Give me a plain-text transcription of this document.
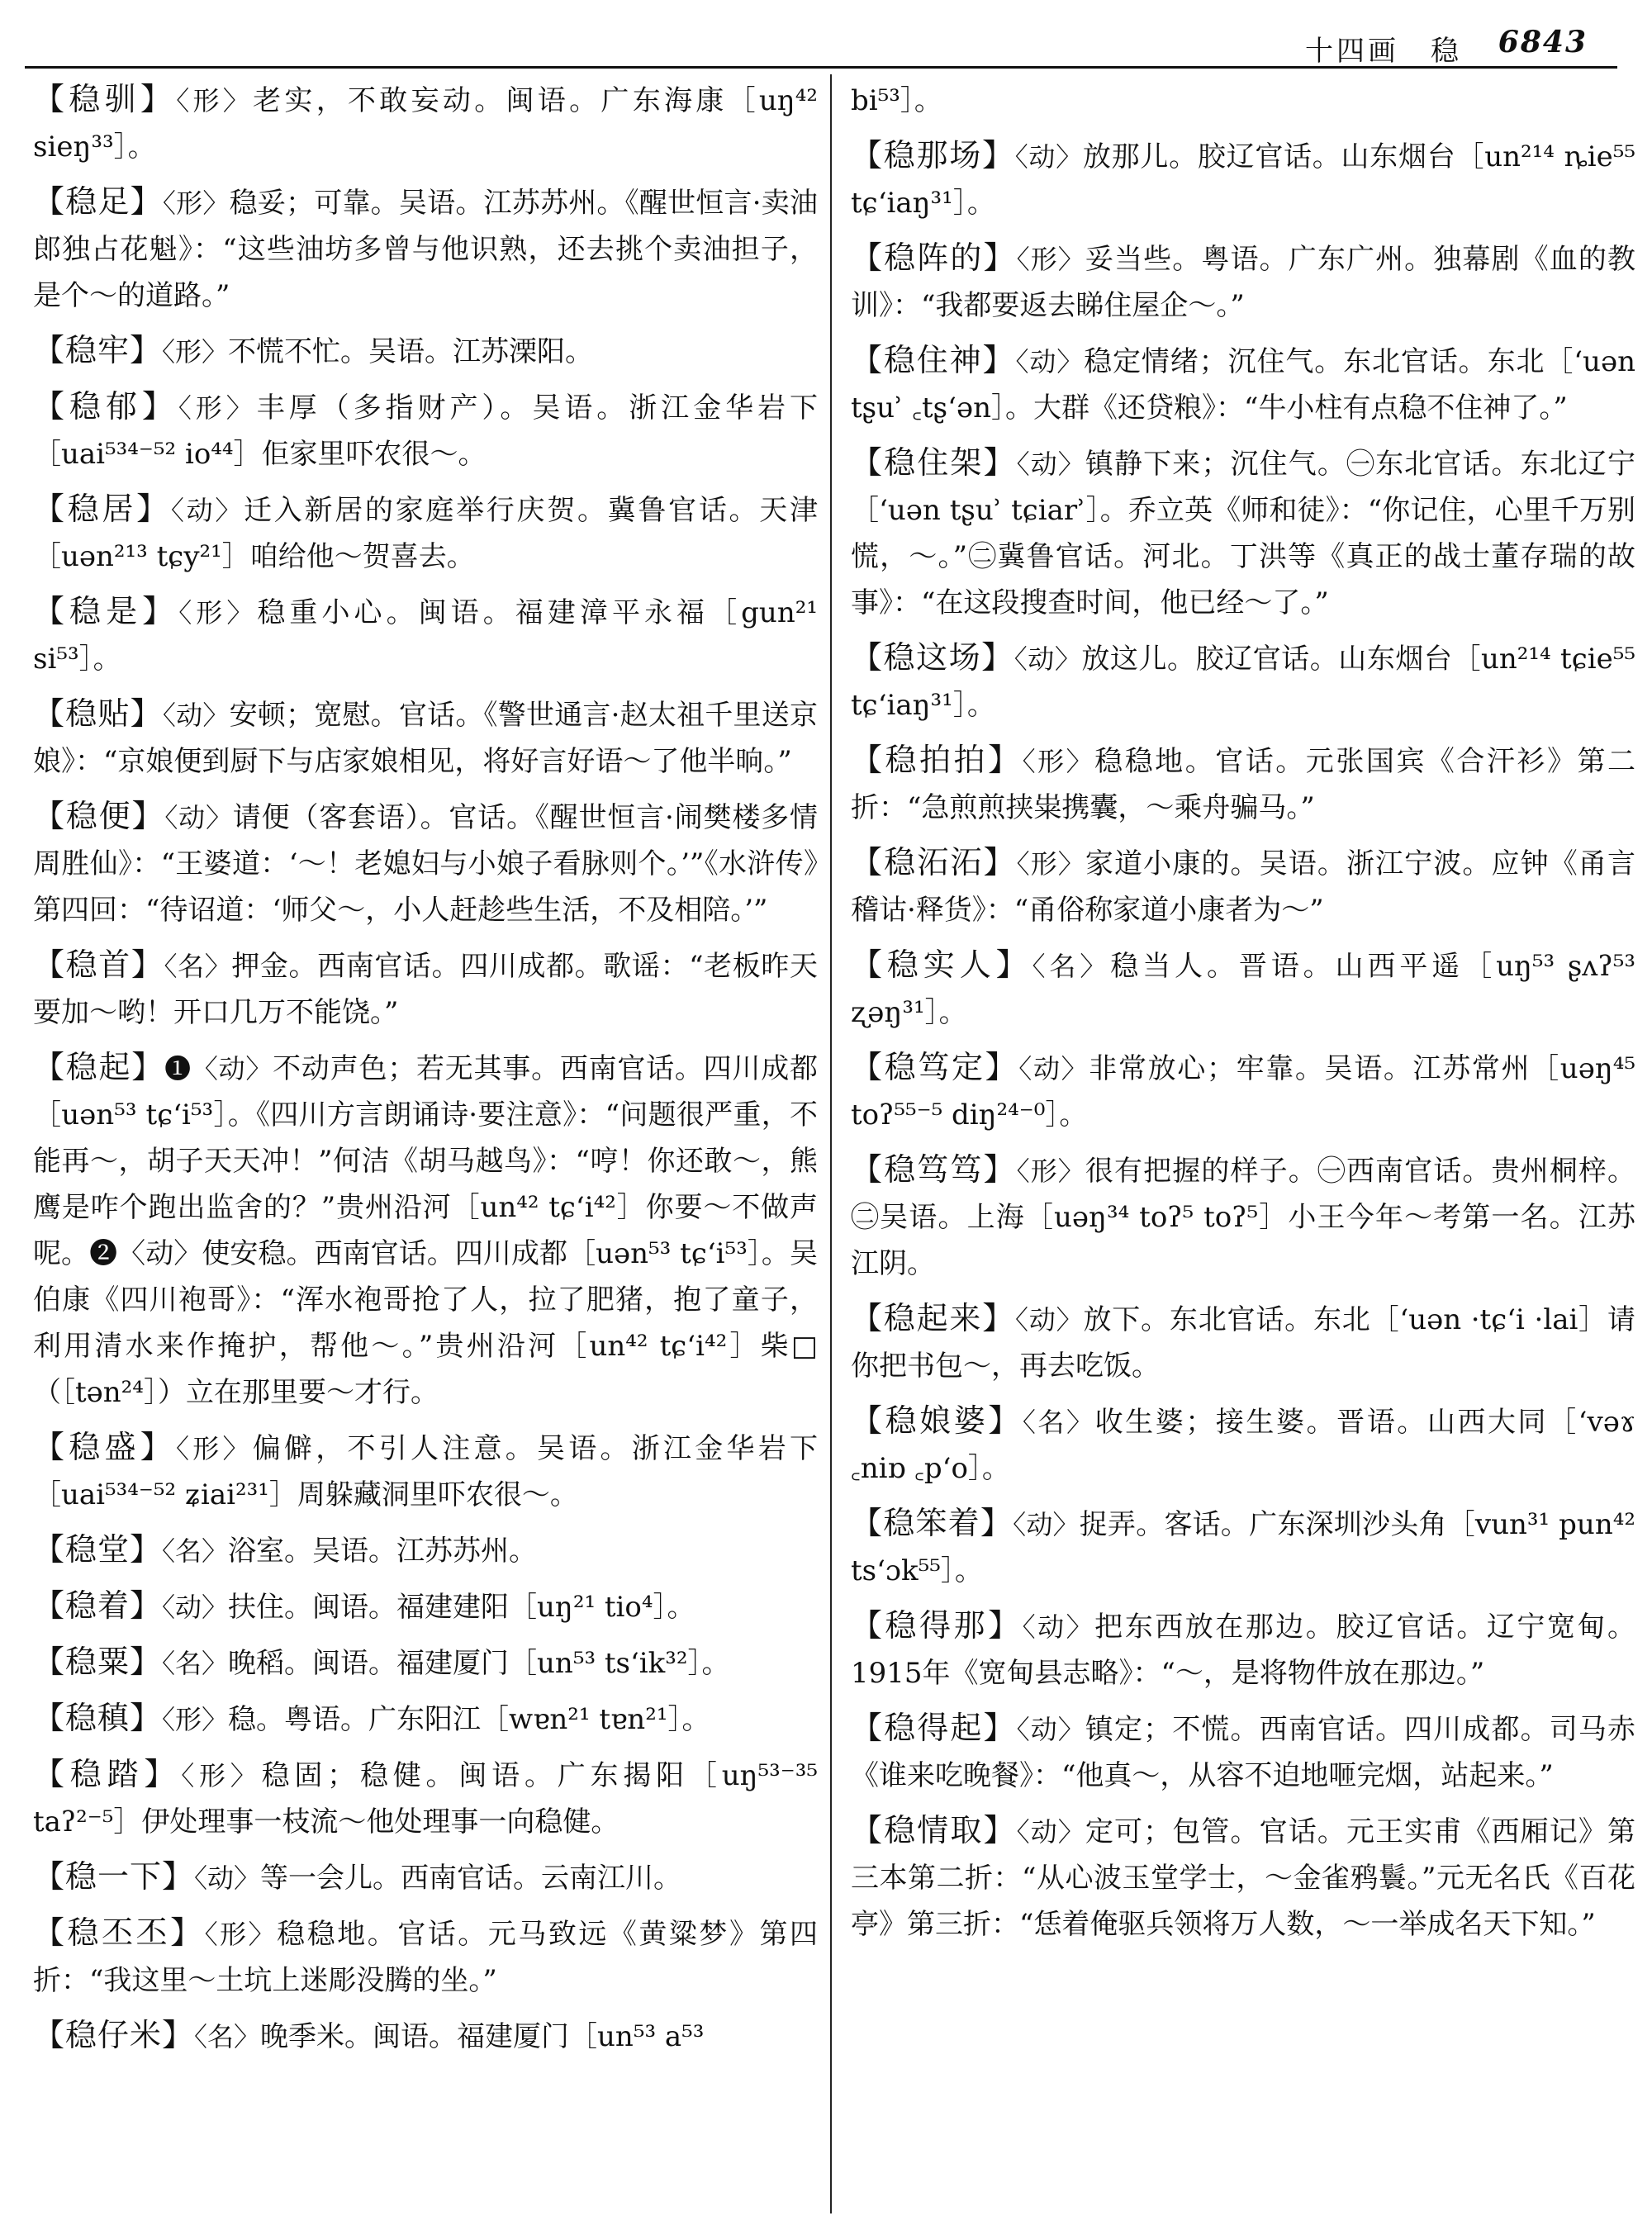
十四画　稳 6843
【稳驯】〈形〉老实，不敢妄动。闽语。广东海康［uŋ⁴² sieŋ³³］。
【稳足】〈形〉稳妥；可靠。吴语。江苏苏州。《醒世恒言·卖油郎独占花魁》：“这些油坊多曾与他识熟，还去挑个卖油担子，是个～的道路。”
【稳牢】〈形〉不慌不忙。吴语。江苏溧阳。
【稳郁】〈形〉丰厚（多指财产）。吴语。浙江金华岩下［uai⁵³⁴⁻⁵² io⁴⁴］佢家里吓农很～。
【稳居】〈动〉迁入新居的家庭举行庆贺。冀鲁官话。天津［uən²¹³ tɕy²¹］咱给他～贺喜去。
【稳是】〈形〉稳重小心。闽语。福建漳平永福［gun²¹ si⁵³］。
【稳贴】〈动〉安顿；宽慰。官话。《警世通言·赵太祖千里送京娘》：“京娘便到厨下与店家娘相见，将好言好语～了他半晌。”
【稳便】〈动〉请便（客套语）。官话。《醒世恒言·闹樊楼多情周胜仙》：“王婆道：‘～！老媳妇与小娘子看脉则个。’”《水浒传》第四回：“待诏道：‘师父～，小人赶趁些生活，不及相陪。’”
【稳首】〈名〉押金。西南官话。四川成都。歌谣：“老板昨天要加～哟！开口几万不能饶。”
【稳起】❶〈动〉不动声色；若无其事。西南官话。四川成都［uən⁵³ tɕʻi⁵³］。《四川方言朗诵诗·要注意》：“问题很严重，不能再～，胡子天天冲！”何洁《胡马越鸟》：“哼！你还敢～，熊鹰是咋个跑出监舍的？”贵州沿河［un⁴² tɕʻi⁴²］你要～不做声呢。❷〈动〉使安稳。西南官话。四川成都［uən⁵³ tɕʻi⁵³］。吴伯康《四川袍哥》：“浑水袍哥抢了人，拉了肥猪，抱了童子，利用清水来作掩护，帮他～。”贵州沿河［un⁴² tɕʻi⁴²］柴□（［tən²⁴］）立在那里要～才行。
【稳盛】〈形〉偏僻，不引人注意。吴语。浙江金华岩下［uai⁵³⁴⁻⁵² ʑiai²³¹］周躲藏洞里吓农很～。
【稳堂】〈名〉浴室。吴语。江苏苏州。
【稳着】〈动〉扶住。闽语。福建建阳［uŋ²¹ tio⁴］。
【稳粟】〈名〉晚稻。闽语。福建厦门［un⁵³ tsʻik³²］。
【稳稹】〈形〉稳。粤语。广东阳江［wɐn²¹ tɐn²¹］。
【稳踏】〈形〉稳固；稳健。闽语。广东揭阳［uŋ⁵³⁻³⁵ taʔ²⁻⁵］伊处理事一枝流～他处理事一向稳健。
【稳一下】〈动〉等一会儿。西南官话。云南江川。
【稳丕丕】〈形〉稳稳地。官话。元马致远《黄粱梦》第四折：“我这里～土坑上迷彫没腾的坐。”
【稳仔米】〈名〉晚季米。闽语。福建厦门［un⁵³ a⁵³
bi⁵³］。
【稳那场】〈动〉放那儿。胶辽官话。山东烟台［un²¹⁴ ȵie⁵⁵ tɕʻiaŋ³¹］。
【稳阵的】〈形〉妥当些。粤语。广东广州。独幕剧《血的教训》：“我都要返去睇住屋企～。”
【稳住神】〈动〉稳定情绪；沉住气。东北官话。东北［ʻuən tʂuʾ ꜀tʂʻən］。大群《还贷粮》：“牛小柱有点稳不住神了。”
【稳住架】〈动〉镇静下来；沉住气。㊀东北官话。东北辽宁［ʻuən tʂuʾ tɕiarʾ］。乔立英《师和徒》：“你记住，心里千万别慌，～。”㊁冀鲁官话。河北。丁洪等《真正的战士董存瑞的故事》：“在这段搜查时间，他已经～了。”
【稳这场】〈动〉放这儿。胶辽官话。山东烟台［un²¹⁴ tɕie⁵⁵ tɕʻiaŋ³¹］。
【稳拍拍】〈形〉稳稳地。官话。元张国宾《合汗衫》第二折：“急煎煎挟粜携囊，～乘舟骗马。”
【稳沰沰】〈形〉家道小康的。吴语。浙江宁波。应钟《甬言稽诂·释货》：“甬俗称家道小康者为～”
【稳实人】〈名〉稳当人。晋语。山西平遥［uŋ⁵³ ʂʌʔ⁵³ ʐəŋ³¹］。
【稳笃定】〈动〉非常放心；牢靠。吴语。江苏常州［uəŋ⁴⁵ toʔ⁵⁵⁻⁵ diŋ²⁴⁻⁰］。
【稳笃笃】〈形〉很有把握的样子。㊀西南官话。贵州桐梓。㊁吴语。上海［uəŋ³⁴ toʔ⁵ toʔ⁵］小王今年～考第一名。江苏江阴。
【稳起来】〈动〉放下。东北官话。东北［ʻuən ·tɕʻi ·lai］请你把书包～，再去吃饭。
【稳娘婆】〈名〉收生婆；接生婆。晋语。山西大同［ʻvəɤ ꜀niɒ ꜀pʻo］。
【稳笨着】〈动〉捉弄。客话。广东深圳沙头角［vun³¹ pun⁴² tsʻɔk⁵⁵］。
【稳得那】〈动〉把东西放在那边。胶辽官话。辽宁宽甸。1915年《宽甸县志略》：“～，是将物件放在那边。”
【稳得起】〈动〉镇定；不慌。西南官话。四川成都。司马赤《谁来吃晚餐》：“他真～，从容不迫地咂完烟，站起来。”
【稳情取】〈动〉定可；包管。官话。元王实甫《西厢记》第三本第二折：“从心波玉堂学士，～金雀鸦鬟。”元无名氏《百花亭》第三折：“恁着俺驱兵领将万人数，～一举成名天下知。”
